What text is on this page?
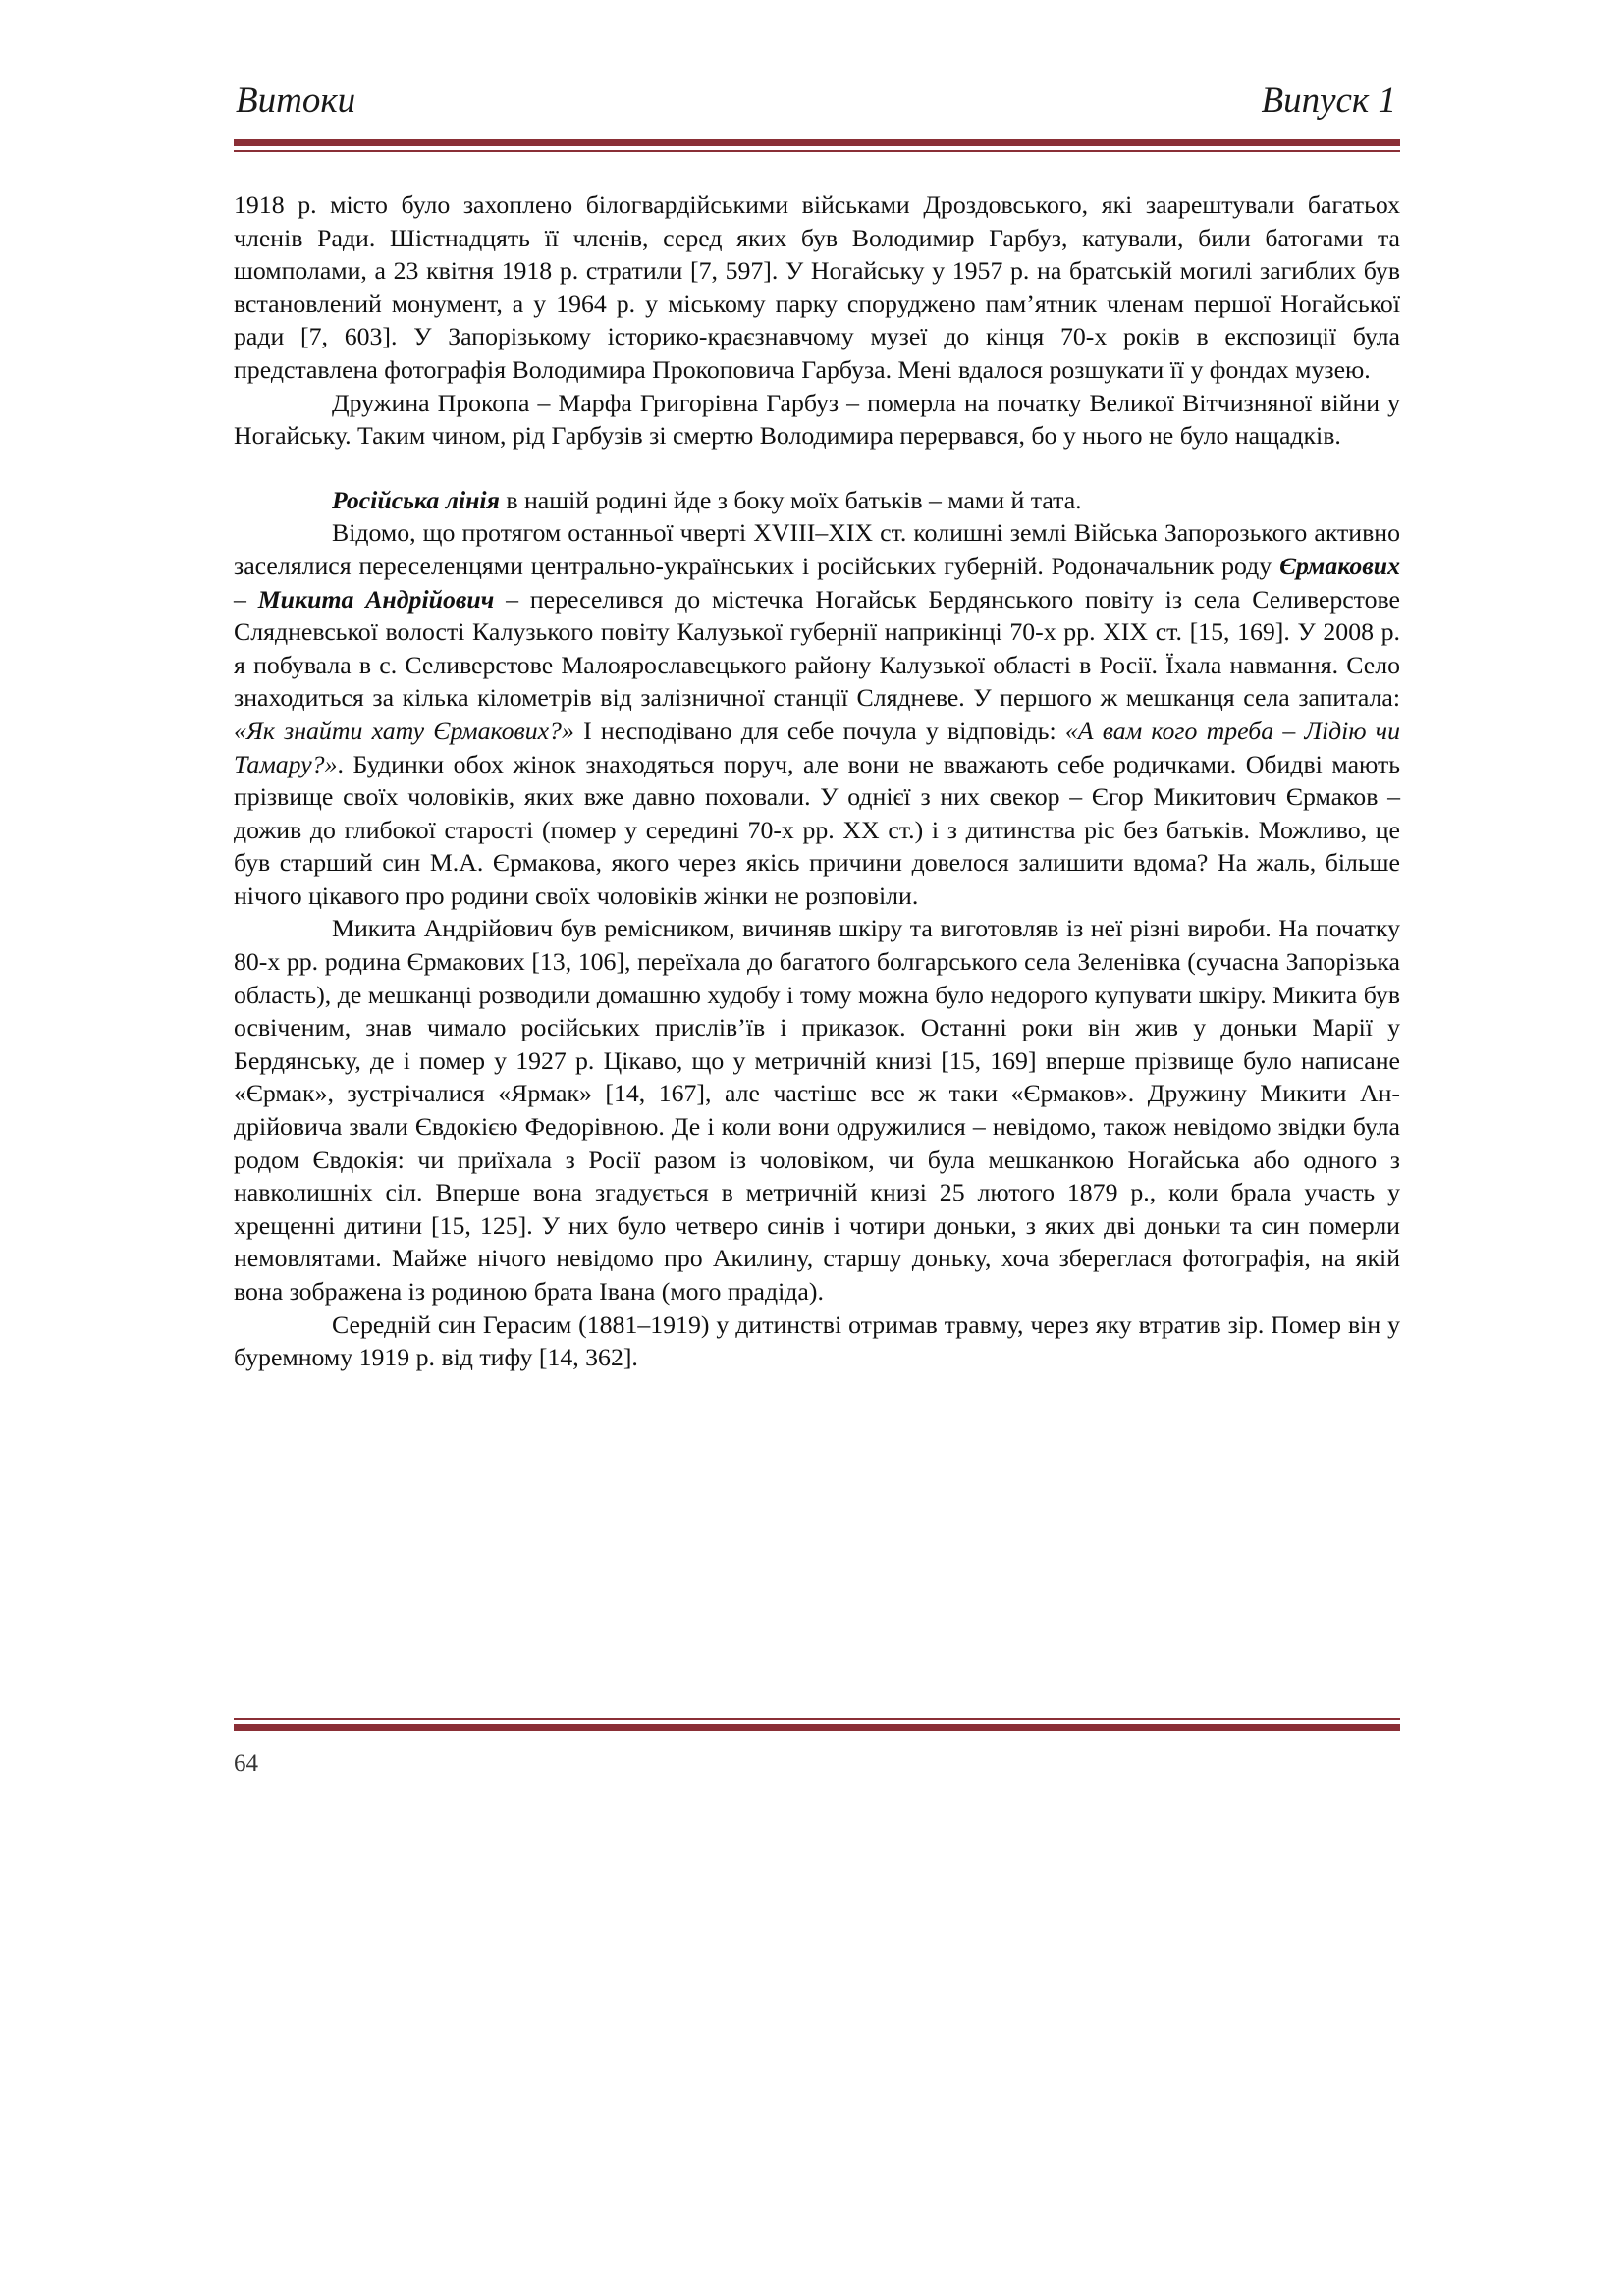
Витоки	Випуск 1

1918 р. місто було захоплено білогвардійськими військами Дроздовського, які заарештували багатьох членів Ради. Шістнадцять її членів, серед яких був Володимир Гарбуз, катували, били батогами та шомполами, а 23 квітня 1918 р. стратили [7, 597]. У Ногайську у 1957 р. на братській могилі загиблих був встановлений монумент, а у 1964 р. у міському парку споруджено пам’ятник членам першої Ногайської ради [7, 603]. У Запорізькому історико-краєзнавчому музеї до кінця 70-х років в експозиції була представлена фотографія Володимира Прокоповича Гарбуза. Мені вдалося розшукати її у фондах музею.

Дружина Прокопа – Марфа Григорівна Гарбуз – померла на початку Великої Вітчизняної війни у Ногайську. Таким чином, рід Гарбузів зі смертю Володимира перервався, бо у нього не було нащадків.

Російська лінія в нашій родині йде з боку моїх батьків – мами й тата.

Відомо, що протягом останньої чверті XVIII–XIX ст. колишні землі Війська Запорозького активно заселялися переселенцями центрально-українських і російських губерній. Родоначальник роду Єрмакових – Микита Андрійович – переселився до містечка Ногайськ Бердянського повіту із села Селиверстове Слядневської волості Калузького повіту Калузької губернії наприкінці 70-х рр. XIX ст. [15, 169]. У 2008 р. я побувала в с. Селиверстове Малоярославецького району Калузької області в Росії. Їхала навмання. Село знаходиться за кілька кілометрів від залізничної станції Слядневе. У першого ж мешканця села запитала: «Як знайти хату Єрмакових?» І несподівано для себе почула у відповідь: «А вам кого треба – Лідію чи Тамару?». Будинки обох жінок знаходяться поруч, але вони не вважають себе родичками. Обидві мають прізвище своїх чоловіків, яких вже давно поховали. У однієї з них свекор – Єгор Микитович Єрмаков – дожив до глибокої старості (помер у середині 70-х рр. XX ст.) і з дитинства ріс без батьків. Можливо, це був старший син М.А. Єрмакова, якого через якісь причини довелося залишити вдома? На жаль, більше нічого цікавого про родини своїх чоловіків жінки не розповіли.

Микита Андрійович був ремісником, вичиняв шкіру та виготовляв із неї різні вироби. На початку 80-х рр. родина Єрмакових [13, 106], переїхала до багатого болгарського села Зеленівка (сучасна Запорізька область), де мешканці розводили домашню худобу і тому можна було недорого купувати шкіру. Микита був освіченим, знав чимало російських прислів’їв і приказок. Останні роки він жив у доньки Марії у Бердянську, де і помер у 1927 р. Цікаво, що у метричній книзі [15, 169] вперше прізвище було написане «Єрмак», зустрічалися «Ярмак» [14, 167], але частіше все ж таки «Єрмаков». Дружину Микити Андрійовича звали Євдокією Федорівною. Де і коли вони одружилися – невідомо, також невідомо звідки була родом Євдокія: чи приїхала з Росії разом із чоловіком, чи була мешканкою Ногайська або одного з навколишніх сіл. Вперше вона згадується в метричній книзі 25 лютого 1879 р., коли брала участь у хрещенні дитини [15, 125]. У них було четверо синів і чотири доньки, з яких дві доньки та син померли немовлятами. Майже нічого невідомо про Акилину, старшу доньку, хоча збереглася фотографія, на якій вона зображена із родиною брата Івана (мого прадіда).

Середній син Герасим (1881–1919) у дитинстві отримав травму, через яку втратив зір. Помер він у буремному 1919 р. від тифу [14, 362].

64
